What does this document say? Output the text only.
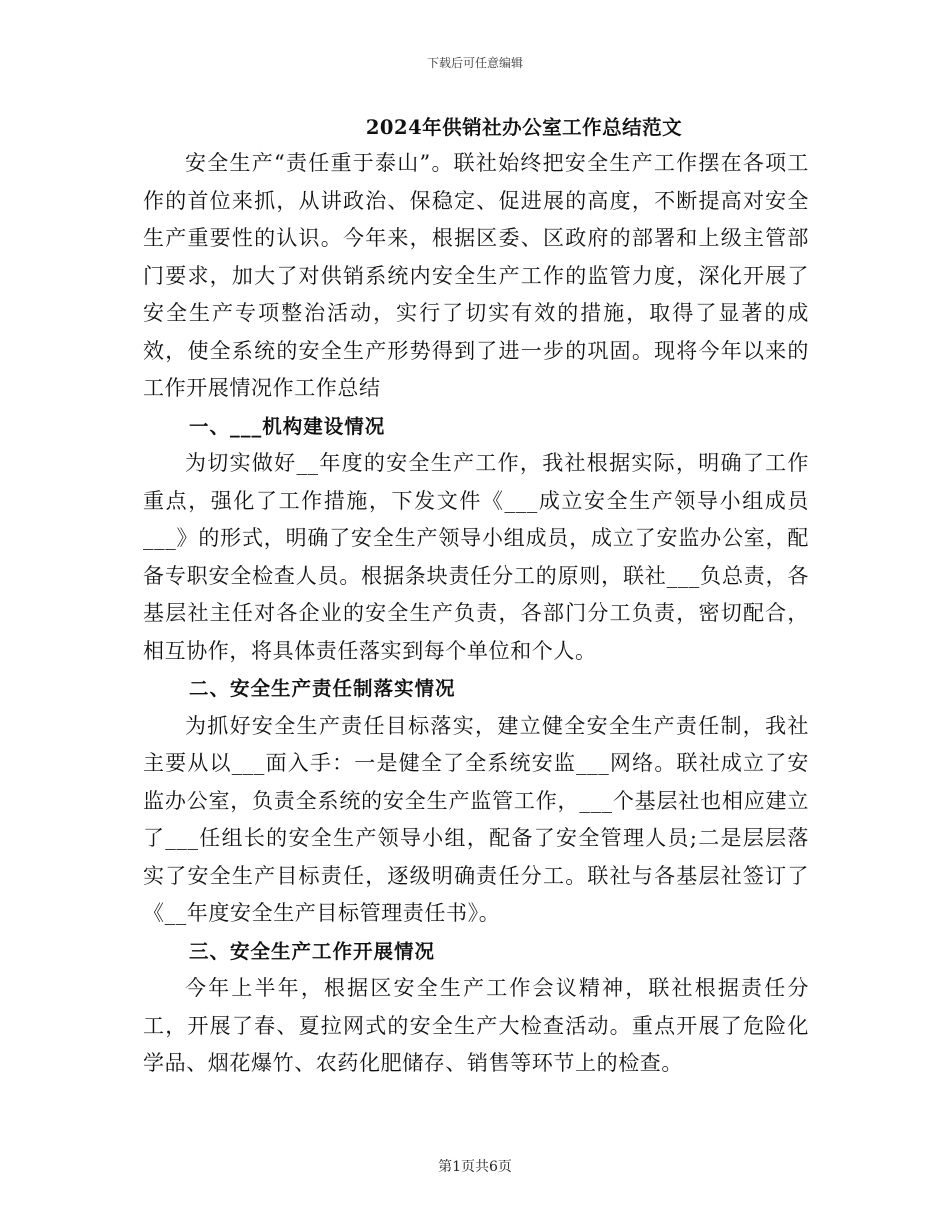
下载后可任意编辑
2024年供销社办公室工作总结范文

安全生产“责任重于泰山”。联社始终把安全生产工作摆在各项工作的首位来抓，从讲政治、保稳定、促进展的高度，不断提高对安全生产重要性的认识。今年来，根据区委、区政府的部署和上级主管部门要求，加大了对供销系统内安全生产工作的监管力度，深化开展了安全生产专项整治活动，实行了切实有效的措施，取得了显著的成效，使全系统的安全生产形势得到了进一步的巩固。现将今年以来的工作开展情况作工作总结

一、___机构建设情况

为切实做好__年度的安全生产工作，我社根据实际，明确了工作重点，强化了工作措施，下发文件《___成立安全生产领导小组成员___》的形式，明确了安全生产领导小组成员，成立了安监办公室，配备专职安全检查人员。根据条块责任分工的原则，联社___负总责，各基层社主任对各企业的安全生产负责，各部门分工负责，密切配合，相互协作，将具体责任落实到每个单位和个人。

二、安全生产责任制落实情况

为抓好安全生产责任目标落实，建立健全安全生产责任制，我社主要从以___面入手：一是健全了全系统安监___网络。联社成立了安监办公室，负责全系统的安全生产监管工作，___个基层社也相应建立了___任组长的安全生产领导小组，配备了安全管理人员;二是层层落实了安全生产目标责任，逐级明确责任分工。联社与各基层社签订了《__年度安全生产目标管理责任书》。

三、安全生产工作开展情况

今年上半年，根据区安全生产工作会议精神，联社根据责任分工，开展了春、夏拉网式的安全生产大检查活动。重点开展了危险化学品、烟花爆竹、农药化肥储存、销售等环节上的检查。

第1页共6页
